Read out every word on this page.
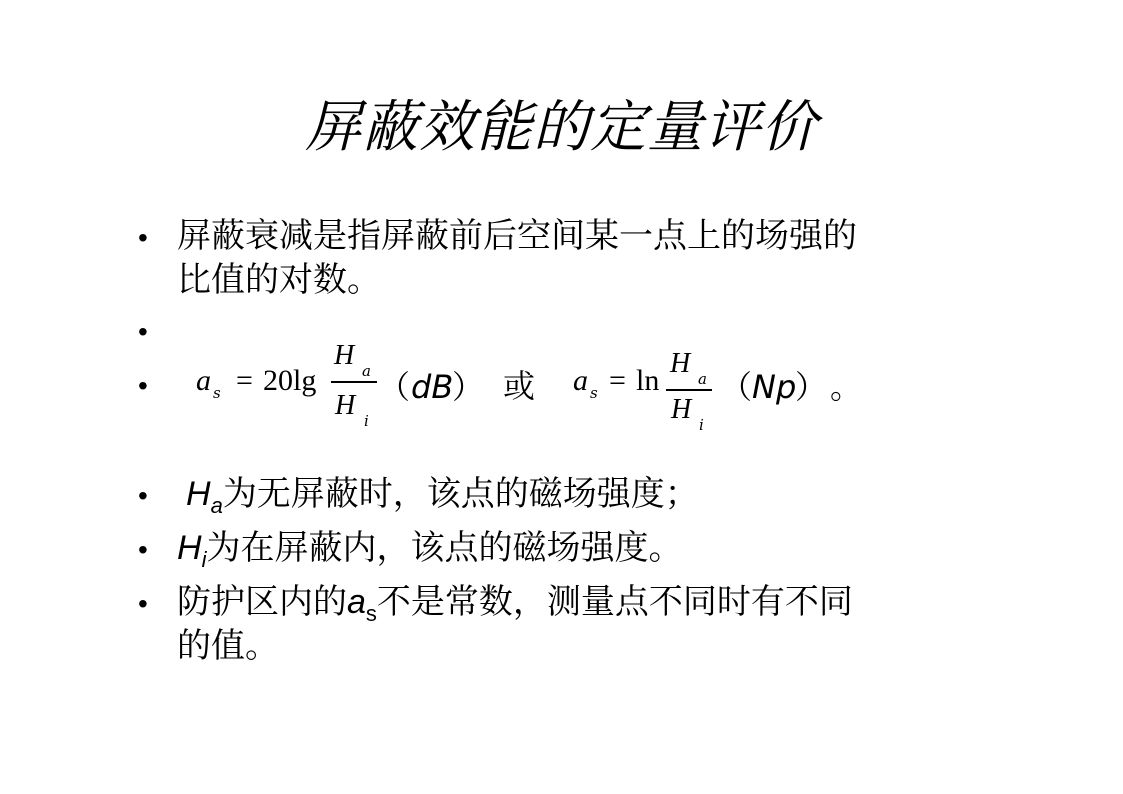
屏蔽效能的定量评价
• 屏蔽衰减是指屏蔽前后空间某一点上的场强的
比值的对数。
•
• a s = 20lg
H a
H i
（ dB
） 或 a s = ln
H a
H i
（ Np
） 。
• $H_a$为无屏蔽时，该点的磁场强度；
• $H_i$为在屏蔽内，该点的磁场强度。
• 防护区内的$a_s$不是常数，测量点不同时有不同
的值。
